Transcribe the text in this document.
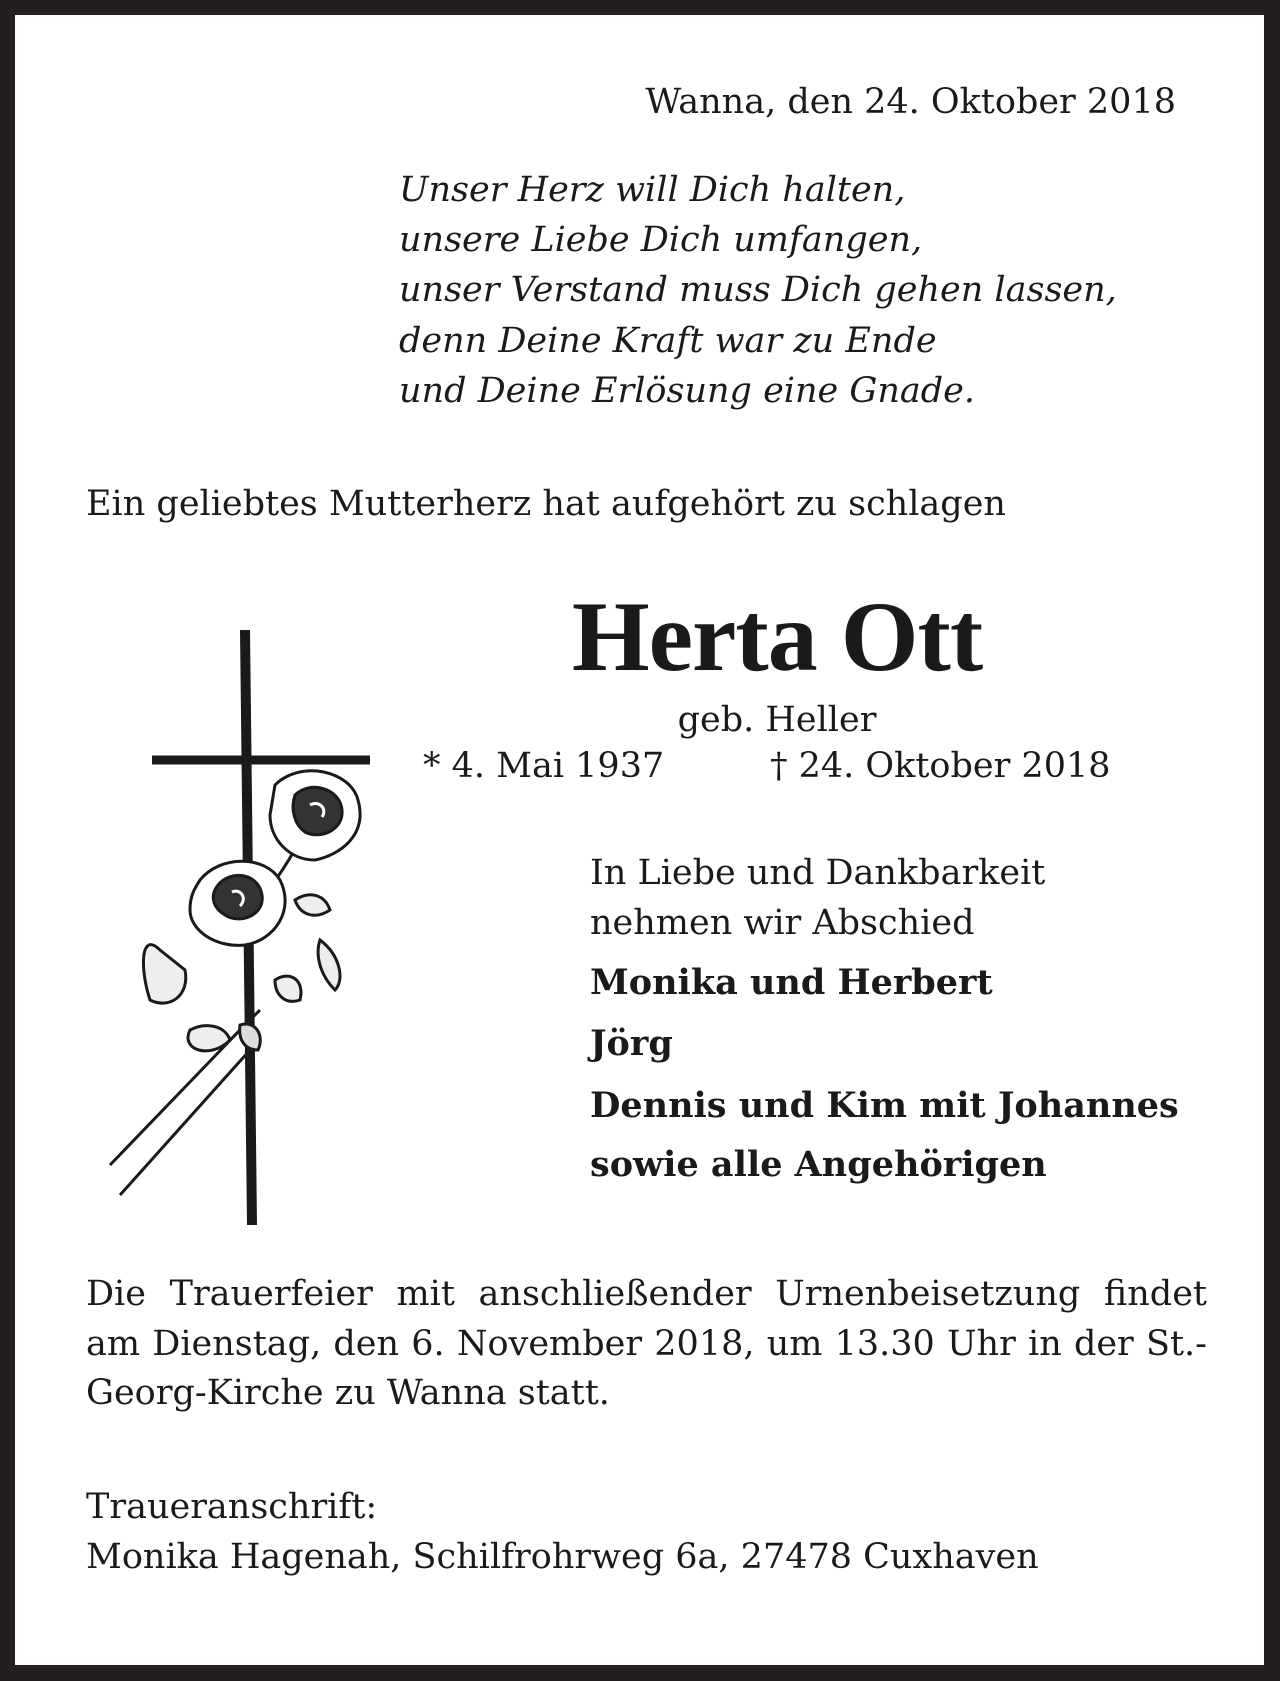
Wanna, den 24. Oktober 2018
Unser Herz will Dich halten,
unsere Liebe Dich umfangen,
unser Verstand muss Dich gehen lassen,
denn Deine Kraft war zu Ende
und Deine Erlösung eine Gnade.
Ein geliebtes Mutterherz hat aufgehört zu schlagen
Herta Ott
geb. Heller
* 4. Mai 1937	† 24. Oktober 2018
In Liebe und Dankbarkeit
nehmen wir Abschied
Monika und Herbert
Jörg
Dennis und Kim mit Johannes
sowie alle Angehörigen
Die Trauerfeier mit anschließender Urnenbeisetzung findet am Dienstag, den 6. November 2018, um 13.30 Uhr in der St.-Georg-Kirche zu Wanna statt.
Traueranschrift:
Monika Hagenah, Schilfrohrweg 6a, 27478 Cuxhaven
